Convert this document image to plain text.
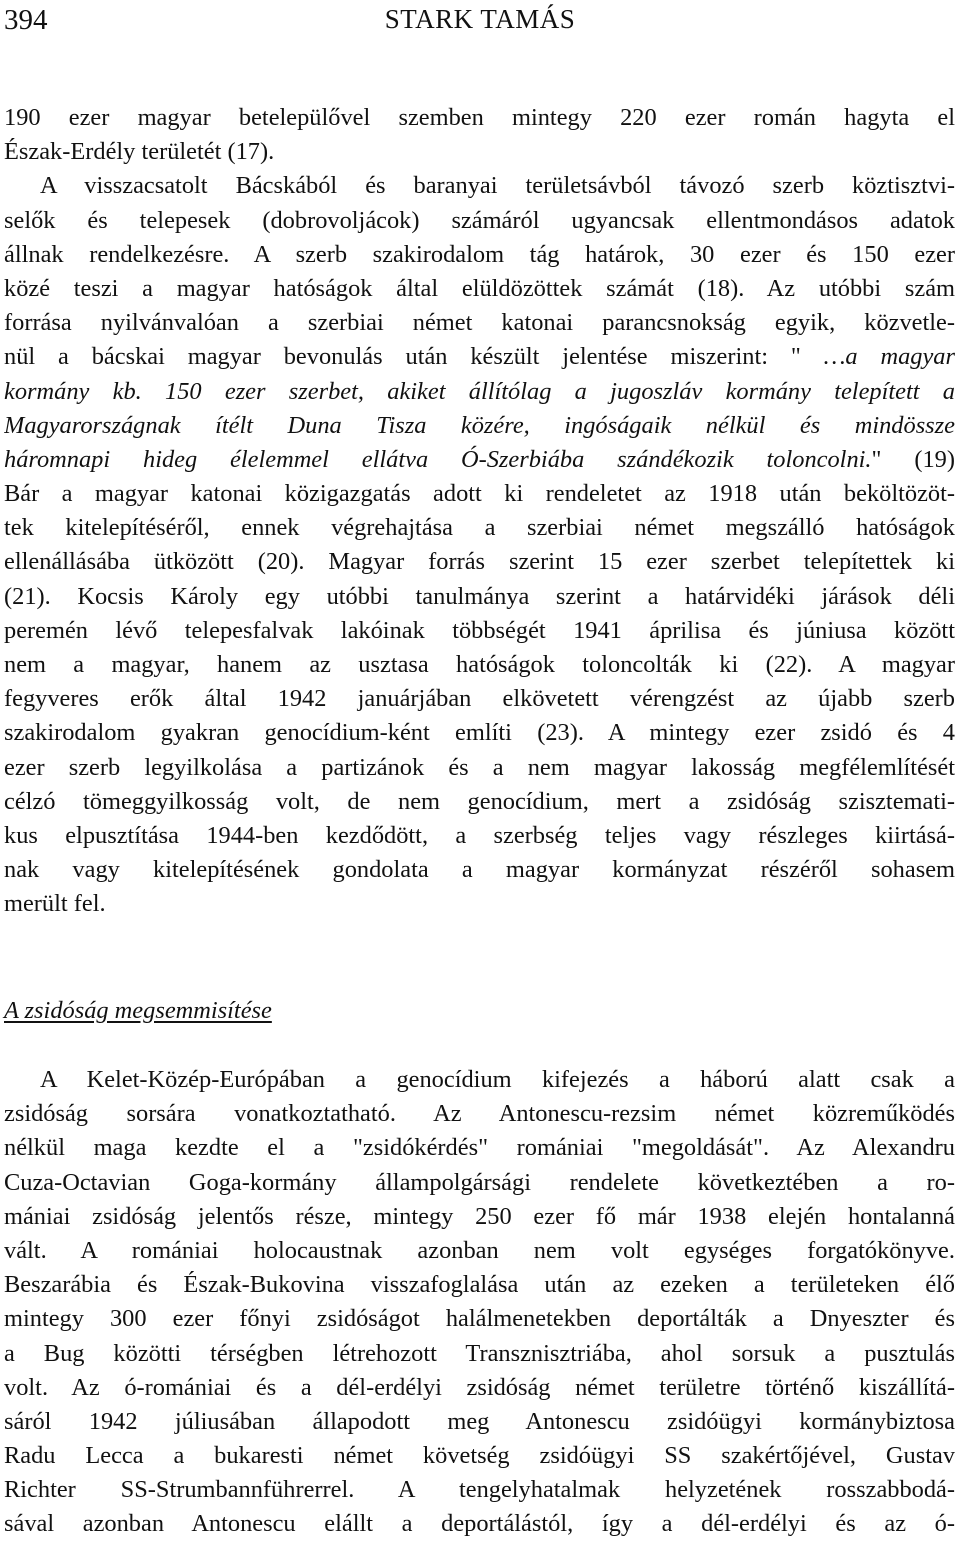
394	STARK TAMÁS
190 ezer magyar betelepülővel szemben mintegy 220 ezer román hagyta el
Észak-Erdély területét (17).
A visszacsatolt Bácskából és baranyai területsávból távozó szerb köztisztvi-
selők és telepesek (dobrovoljácok) számáról ugyancsak ellentmondásos adatok
állnak rendelkezésre. A szerb szakirodalom tág határok, 30 ezer és 150 ezer
közé teszi a magyar hatóságok által elüldözöttek számát (18). Az utóbbi szám
forrása nyilvánvalóan a szerbiai német katonai parancsnokság egyik, közvetle-
nül a bácskai magyar bevonulás után készült jelentése miszerint: " …a magyar
kormány kb. 150 ezer szerbet, akiket állítólag a jugoszláv kormány telepített a
Magyarországnak ítélt Duna Tisza közére, ingóságaik nélkül és mindössze
háromnapi hideg élelemmel ellátva Ó-Szerbiába szándékozik toloncolni." (19)
Bár a magyar katonai közigazgatás adott ki rendeletet az 1918 után beköltözöt-
tek kitelepítéséről, ennek végrehajtása a szerbiai német megszálló hatóságok
ellenállásába ütközött (20). Magyar forrás szerint 15 ezer szerbet telepítettek ki
(21). Kocsis Károly egy utóbbi tanulmánya szerint a határvidéki járások déli
peremén lévő telepesfalvak lakóinak többségét 1941 áprilisa és júniusa között
nem a magyar, hanem az usztasa hatóságok toloncolták ki (22). A magyar
fegyveres erők által 1942 januárjában elkövetett vérengzést az újabb szerb
szakirodalom gyakran genocídium-ként említi (23). A mintegy ezer zsidó és 4
ezer szerb legyilkolása a partizánok és a nem magyar lakosság megfélemlítését
célzó tömeggyilkosság volt, de nem genocídium, mert a zsidóság szisztemati-
kus elpusztítása 1944-ben kezdődött, a szerbség teljes vagy részleges kiirtásá-
nak vagy kitelepítésének gondolata a magyar kormányzat részéről sohasem
merült fel.
A zsidóság megsemmisítése
A Kelet-Közép-Európában a genocídium kifejezés a háború alatt csak a
zsidóság sorsára vonatkoztatható. Az Antonescu-rezsim német közreműködés
nélkül maga kezdte el a "zsidókérdés" romániai "megoldását". Az Alexandru
Cuza-Octavian Goga-kormány állampolgársági rendelete következtében a ro-
mániai zsidóság jelentős része, mintegy 250 ezer fő már 1938 elején hontalanná
vált. A romániai holocaustnak azonban nem volt egységes forgatókönyve.
Beszarábia és Észak-Bukovina visszafoglalása után az ezeken a területeken élő
mintegy 300 ezer főnyi zsidóságot halálmenetekben deportálták a Dnyeszter és
a Bug közötti térségben létrehozott Transznisztriába, ahol sorsuk a pusztulás
volt. Az ó-romániai és a dél-erdélyi zsidóság német területre történő kiszállítá-
sáról 1942 júliusában állapodott meg Antonescu zsidóügyi kormánybiztosa
Radu Lecca a bukaresti német követség zsidóügyi SS szakértőjével, Gustav
Richter SS-Strumbannführerrel. A tengelyhatalmak helyzetének rosszabbodá-
sával azonban Antonescu elállt a deportálástól, így a dél-erdélyi és az ó-
